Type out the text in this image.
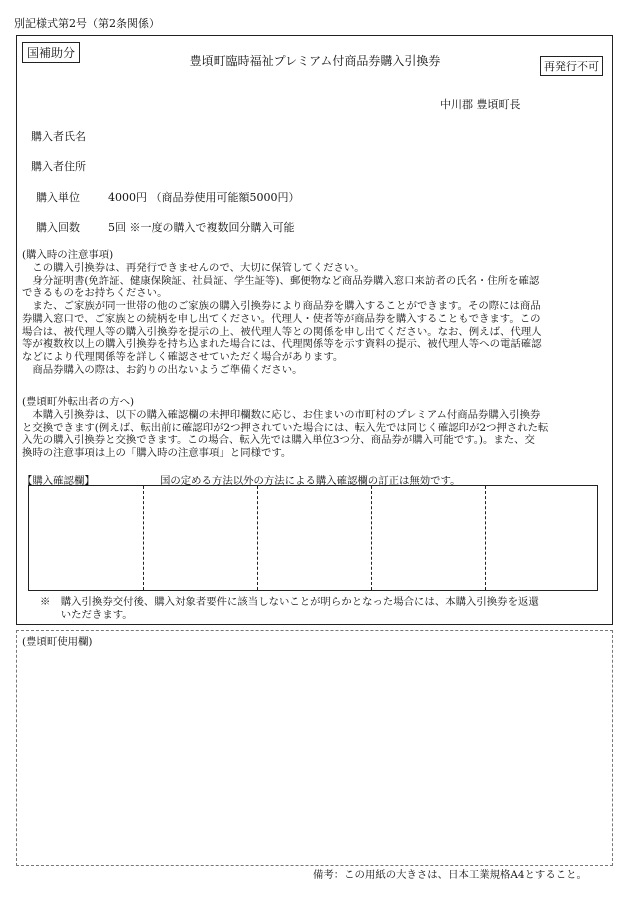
別記様式第2号（第2条関係）
国補助分
豊頃町臨時福祉プレミアム付商品券購入引換券	再発行不可
中川郡 豊頃町長
購入者氏名
購入者住所
購入単位	4000円 （商品券使用可能額5000円）
購入回数	5回 ※一度の購入で複数回分購入可能
(購入時の注意事項)
　この購入引換券は、再発行できませんので、大切に保管してください。
　身分証明書(免許証、健康保険証、社員証、学生証等)、郵便物など商品券購入窓口来訪者の氏名・住所を確認
できるものをお持ちください。
　また、ご家族が同一世帯の他のご家族の購入引換券により商品券を購入することができます。その際には商品
券購入窓口で、ご家族との続柄を申し出てください。代理人・使者等が商品券を購入することもできます。この
場合は、被代理人等の購入引換券を提示の上、被代理人等との関係を申し出てください。なお、例えば、代理人
等が複数枚以上の購入引換券を持ち込まれた場合には、代理関係等を示す資料の提示、被代理人等への電話確認
などにより代理関係等を詳しく確認させていただく場合があります。
　商品券購入の際は、お釣りの出ないようご準備ください。
(豊頃町外転出者の方へ)
　本購入引換券は、以下の購入確認欄の未押印欄数に応じ、お住まいの市町村のプレミアム付商品券購入引換券
と交換できます(例えば、転出前に確認印が2つ押されていた場合には、転入先では同じく確認印が2つ押された転
入先の購入引換券と交換できます。この場合、転入先では購入単位3つ分、商品券が購入可能です。)。また、交
換時の注意事項は上の「購入時の注意事項」と同様です。
【購入確認欄】	国の定める方法以外の方法による購入確認欄の訂正は無効です。
※　購入引換券交付後、購入対象者要件に該当しないことが明らかとなった場合には、本購入引換券を返還
　　いただきます。
(豊頃町使用欄)
備考：この用紙の大きさは、日本工業規格A4とすること。
